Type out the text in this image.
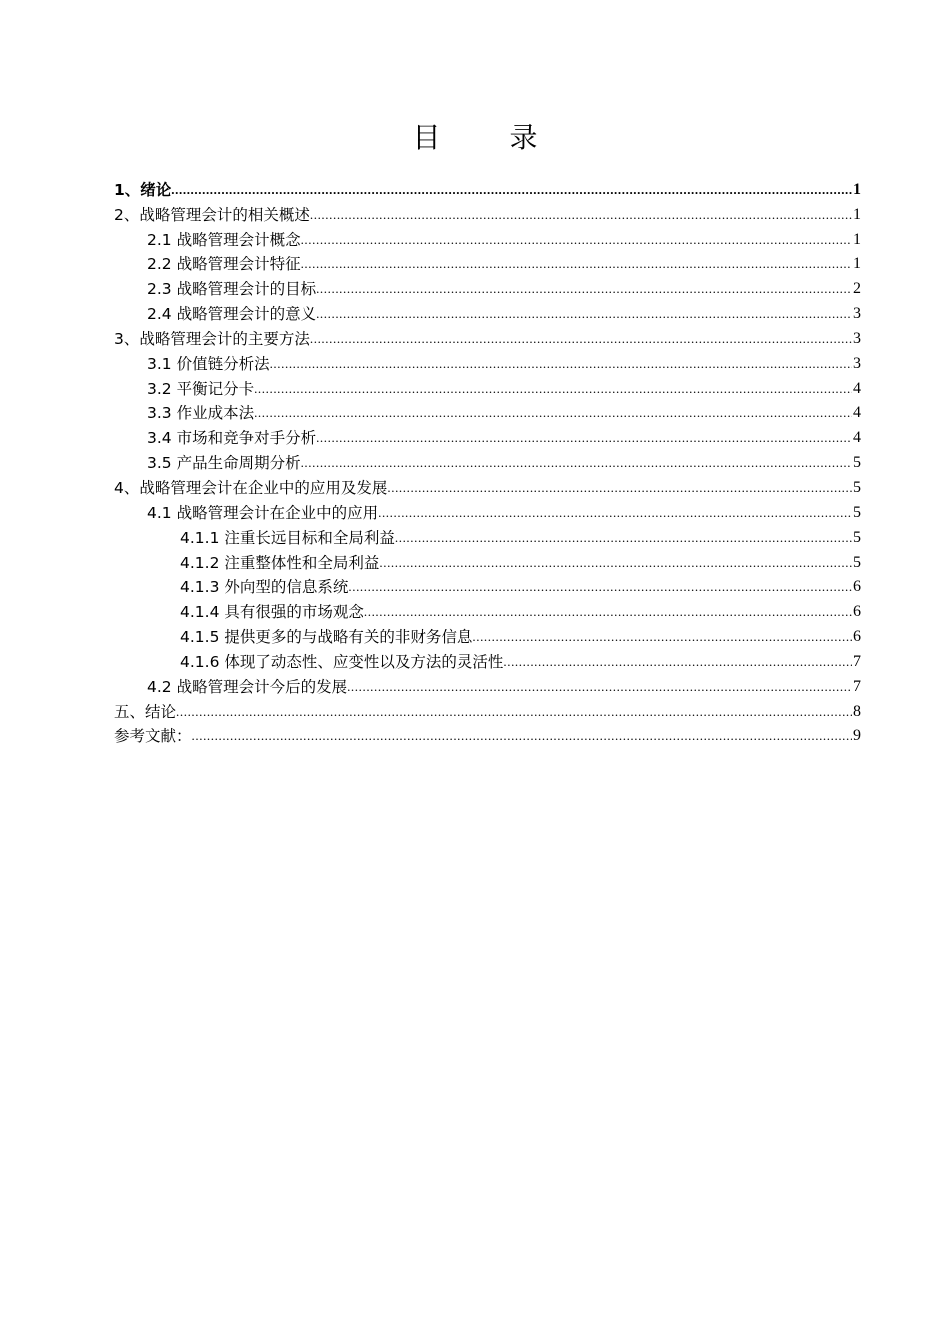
目 录
1、绪论 .....	1
2、战略管理会计的相关概述 .....	1
2.1 战略管理会计概念 .....	1
2.2 战略管理会计特征 .....	1
2.3 战略管理会计的目标 .....	2
2.4 战略管理会计的意义 .....	3
3、战略管理会计的主要方法 .....	3
3.1 价值链分析法 .....	3
3.2 平衡记分卡 .....	4
3.3 作业成本法 .....	4
3.4 市场和竞争对手分析 .....	4
3.5 产品生命周期分析 .....	5
4、战略管理会计在企业中的应用及发展 .....	5
4.1 战略管理会计在企业中的应用 .....	5
4.1.1 注重长远目标和全局利益 .....	5
4.1.2 注重整体性和全局利益 .....	5
4.1.3 外向型的信息系统 .....	6
4.1.4 具有很强的市场观念 .....	6
4.1.5 提供更多的与战略有关的非财务信息 .....	6
4.1.6 体现了动态性、应变性以及方法的灵活性 .....	7
4.2 战略管理会计今后的发展 .....	7
五、结论 .....	8
参考文献： .....	9
